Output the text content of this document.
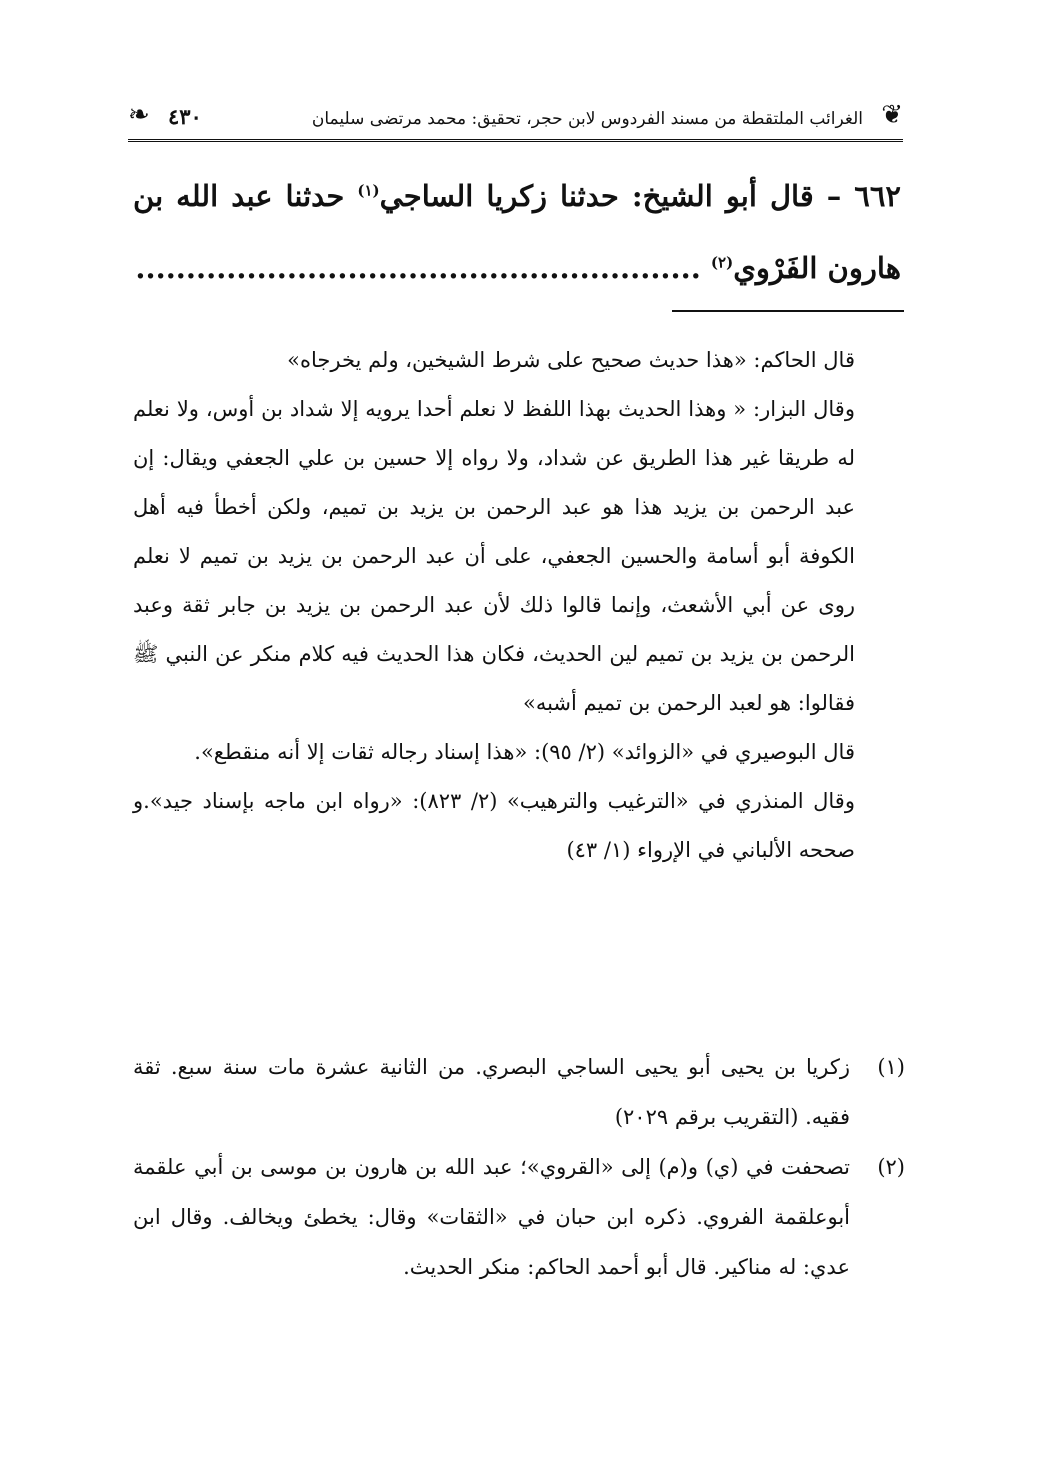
❦
الغرائب الملتقطة من مسند الفردوس لابن حجر، تحقيق: محمد مرتضى سليمان
٤٣٠
❧

٦٦٢ – قال أبو الشيخ: حدثنا زكريا الساجي$^{(١)}$ حدثنا عبد الله بن هارون الفَرْوي$^{(٢)}$ ........................................................

قال الحاكم: «هذا حديث صحيح على شرط الشيخين، ولم يخرجاه»

وقال البزار: « وهذا الحديث بهذا اللفظ لا نعلم أحدا يرويه إلا شداد بن أوس، ولا نعلم له طريقا غير هذا الطريق عن شداد، ولا رواه إلا حسين بن علي الجعفي ويقال: إن عبد الرحمن بن يزيد هذا هو عبد الرحمن بن يزيد بن تميم، ولكن أخطأ فيه أهل الكوفة أبو أسامة والحسين الجعفي، على أن عبد الرحمن بن يزيد بن تميم لا نعلم روى عن أبي الأشعث، وإنما قالوا ذلك لأن عبد الرحمن بن يزيد بن جابر ثقة وعبد الرحمن بن يزيد بن تميم لين الحديث، فكان هذا الحديث فيه كلام منكر عن النبي ﷺ فقالوا: هو لعبد الرحمن بن تميم أشبه»

قال البوصيري في «الزوائد» (٢/ ٩٥): «هذا إسناد رجاله ثقات إلا أنه منقطع».

وقال المنذري في «الترغيب والترهيب» (٢/ ٨٢٣): «رواه ابن ماجه بإسناد جيد».و صححه الألباني في الإرواء (١/ ٤٣)

(١)
زكريا بن يحيى أبو يحيى الساجي البصري. من الثانية عشرة مات سنة سبع. ثقة فقيه. (التقريب برقم ٢٠٢٩)
(٢)
تصحفت في (ي) و(م) إلى «القروي»؛ عبد الله بن هارون بن موسى بن أبي علقمة أبوعلقمة الفروي. ذكره ابن حبان في «الثقات» وقال: يخطئ ويخالف. وقال ابن عدي: له مناكير. قال أبو أحمد الحاكم: منكر الحديث.
